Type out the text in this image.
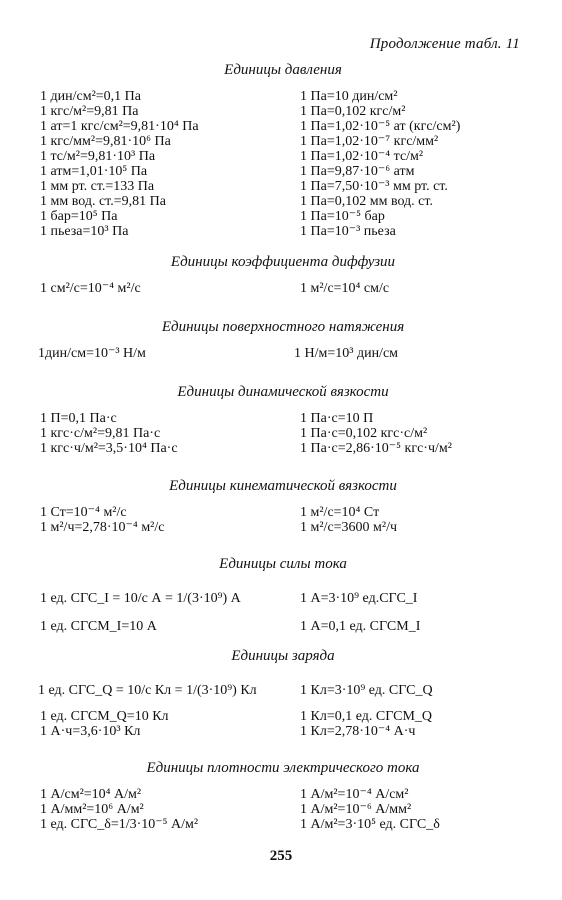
Продолжение табл. 11
Единицы давления
1 дин/см²=0,1 Па	1 Па=10 дин/см²
1 кгс/м²=9,81 Па	1 Па=0,102 кгс/м²
1 ат=1 кгс/см²=9,81·10⁴ Па	1 Па=1,02·10⁻⁵ ат (кгс/см²)
1 кгс/мм²=9,81·10⁶ Па	1 Па=1,02·10⁻⁷ кгс/мм²
1 тс/м²=9,81·10³ Па	1 Па=1,02·10⁻⁴ тс/м²
1 атм=1,01·10⁵ Па	1 Па=9,87·10⁻⁶ атм
1 мм рт. ст.=133 Па	1 Па=7,50·10⁻³ мм рт. ст.
1 мм вод. ст.=9,81 Па	1 Па=0,102 мм вод. ст.
1 бар=10⁵ Па	1 Па=10⁻⁵ бар
1 пьеза=10³ Па	1 Па=10⁻³ пьеза
Единицы коэффициента диффузии
1 см²/с=10⁻⁴ м²/с	1 м²/с=10⁴ см/с
Единицы поверхностного натяжения
1дин/см=10⁻³ Н/м	1 Н/м=10³ дин/см
Единицы динамической вязкости
1 П=0,1 Па·с	1 Па·с=10 П
1 кгс·с/м²=9,81 Па·с	1 Па·с=0,102 кгс·с/м²
1 кгс·ч/м²=3,5·10⁴ Па·с	1 Па·с=2,86·10⁻⁵ кгс·ч/м²
Единицы кинематической вязкости
1 Ст=10⁻⁴ м²/с	1 м²/с=10⁴ Ст
1 м²/ч=2,78·10⁻⁴ м²/с	1 м²/с=3600 м²/ч
Единицы силы тока
1 ед. СГС_I = 10/c А = 1/(3·10⁹) А	1 А=3·10⁹ ед.СГС_I
1 ед. СГСМ_I=10 А	1 А=0,1 ед. СГСМ_I
Единицы заряда
1 ед. СГС_Q = 10/c Кл = 1/(3·10⁹) Кл	1 Кл=3·10⁹ ед. СГС_Q
1 ед. СГСМ_Q=10 Кл	1 Кл=0,1 ед. СГСМ_Q
1 А·ч=3,6·10³ Кл	1 Кл=2,78·10⁻⁴ А·ч
Единицы плотности электрического тока
1 А/см²=10⁴ А/м²	1 А/м²=10⁻⁴ А/см²
1 А/мм²=10⁶ А/м²	1 А/м²=10⁻⁶ А/мм²
1 ед. СГС_δ=1/3·10⁻⁵ А/м²	1 А/м²=3·10⁵ ед. СГС_δ
255
